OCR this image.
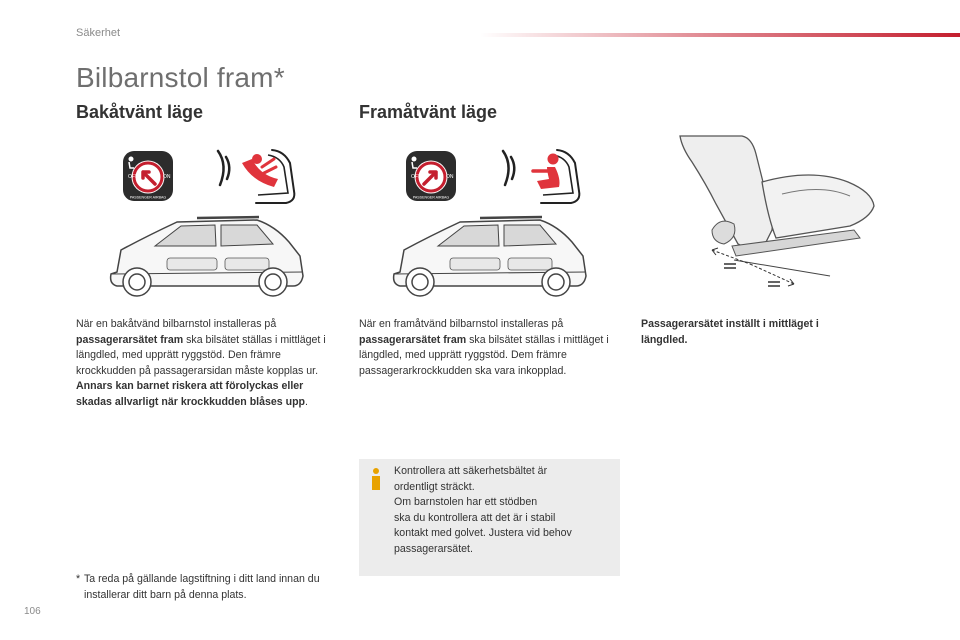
Säkerhet
Bilbarnstol fram*
Bakåtvänt läge	Framåtvänt läge
OFF	ON
PASSENGER AIRBAG
OFF	ON
PASSENGER AIRBAG

När en bakåtvänd bilbarnstol installeras på passagerarsätet fram ska bilsätet ställas i mittläget i längdled, med upprätt ryggstöd. Den främre krockkudden på passagerarsidan måste kopplas ur. Annars kan barnet riskera att förolyckas eller skadas allvarligt när krockkudden blåses upp.

När en framåtvänd bilbarnstol installeras på passagerarsätet fram ska bilsätet ställas i mittläget i längdled, med upprätt ryggstöd. Dem främre passagerarkrockkudden ska vara inkopplad.

Passagerarsätet inställt i mittläget i längdled.

Kontrollera att säkerhetsbältet är
ordentligt sträckt.
Om barnstolen har ett stödben
ska du kontrollera att det är i stabil
kontakt med golvet. Justera vid behov
passagerarsätet.

* Ta reda på gällande lagstiftning i ditt land innan du installerar ditt barn på denna plats.

106
